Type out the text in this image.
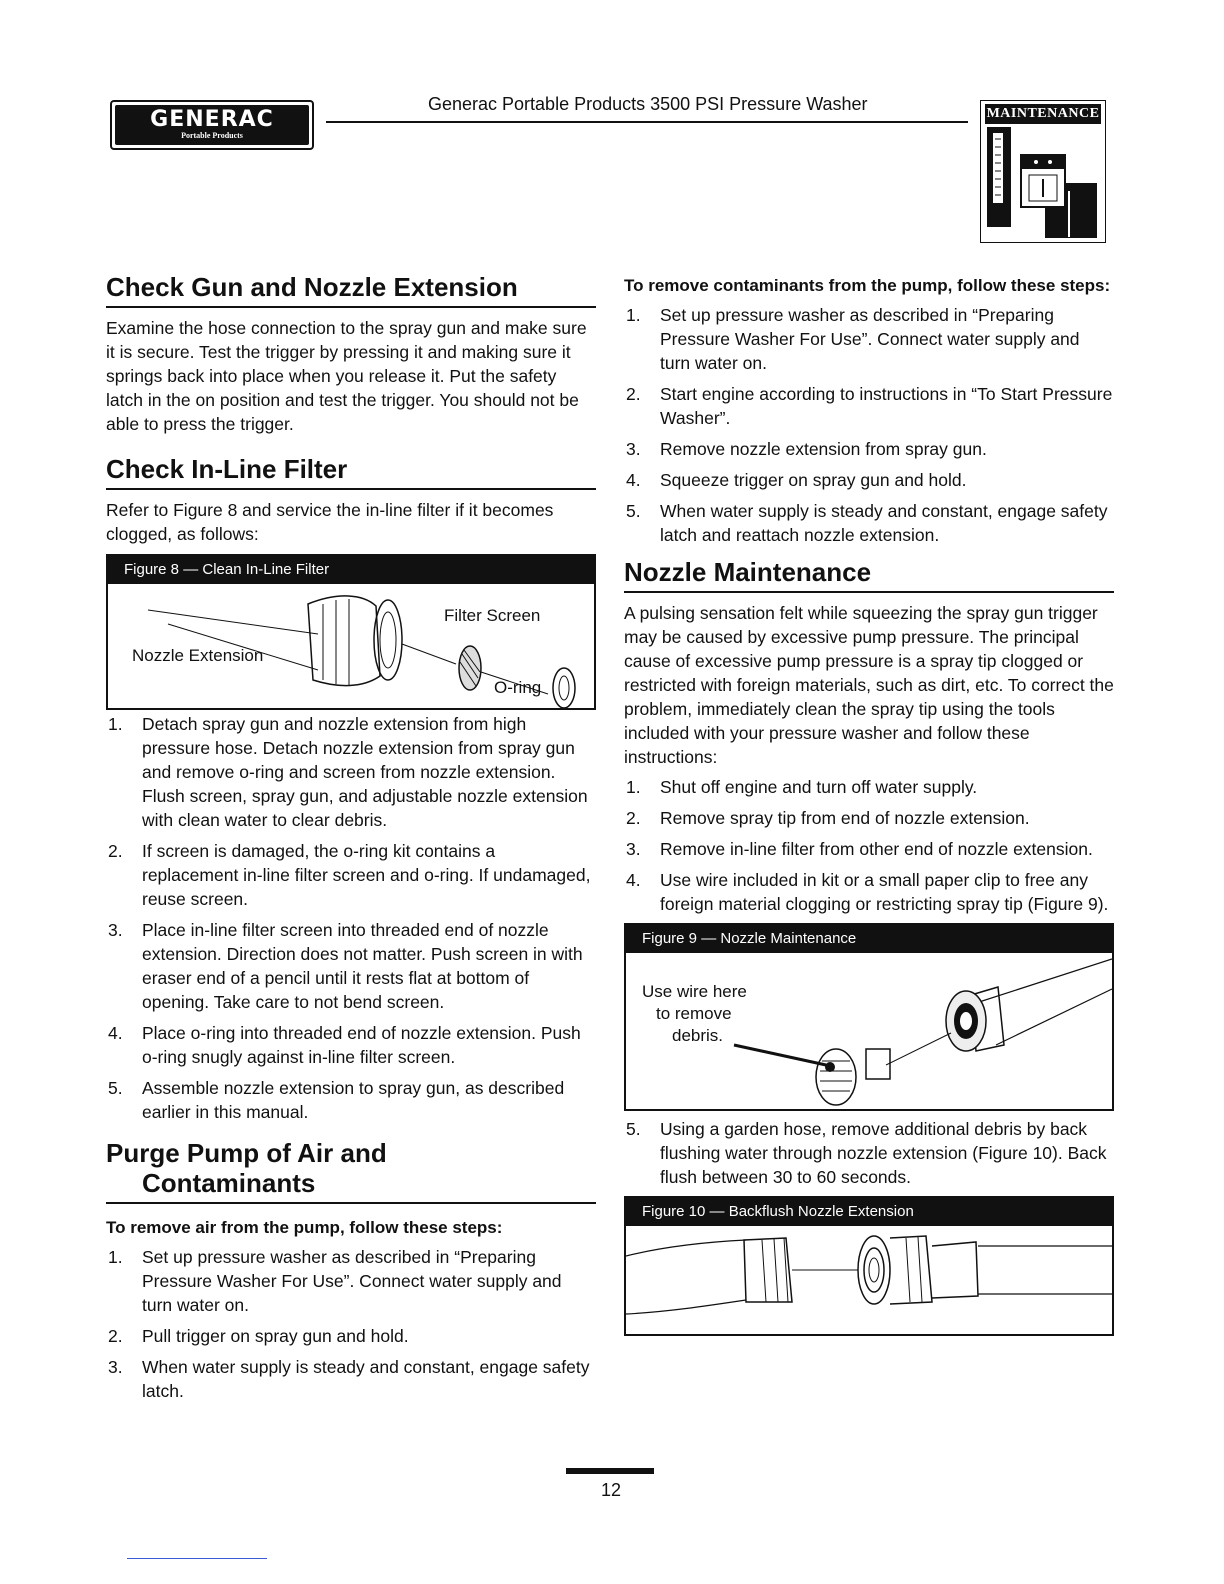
GENERAC
Portable Products
Generac Portable Products 3500 PSI Pressure Washer	MAINTENANCE
Check Gun and Nozzle Extension

Examine the hose connection to the spray gun and make sure it is secure. Test the trigger by pressing it and making sure it springs back into place when you release it. Put the safety latch in the on position and test the trigger. You should not be able to press the trigger.

Check In-Line Filter

Refer to Figure 8 and service the in-line filter if it becomes clogged, as follows:

Figure 8 — Clean In-Line Filter
Filter Screen
Nozzle Extension
O-ring
1. Detach spray gun and nozzle extension from high pressure hose. Detach nozzle extension from spray gun and remove o-ring and screen from nozzle extension. Flush screen, spray gun, and adjustable nozzle extension with clean water to clear debris.
2. If screen is damaged, the o-ring kit contains a replacement in-line filter screen and o-ring. If undamaged, reuse screen.
3. Place in-line filter screen into threaded end of nozzle extension. Direction does not matter. Push screen in with eraser end of a pencil until it rests flat at bottom of opening. Take care to not bend screen.
4. Place o-ring into threaded end of nozzle extension. Push o-ring snugly against in-line filter screen.
5. Assemble nozzle extension to spray gun, as described earlier in this manual.
Purge Pump of Air and
Contaminants

To remove air from the pump, follow these steps:

1. Set up pressure washer as described in “Preparing Pressure Washer For Use”. Connect water supply and turn water on.
2. Pull trigger on spray gun and hold.
3. When water supply is steady and constant, engage safety latch.

To remove contaminants from the pump, follow these steps:

1. Set up pressure washer as described in “Preparing Pressure Washer For Use”. Connect water supply and turn water on.
2. Start engine according to instructions in “To Start Pressure Washer”.
3. Remove nozzle extension from spray gun.
4. Squeeze trigger on spray gun and hold.
5. When water supply is steady and constant, engage safety latch and reattach nozzle extension.
Nozzle Maintenance

A pulsing sensation felt while squeezing the spray gun trigger may be caused by excessive pump pressure. The principal cause of excessive pump pressure is a spray tip clogged or restricted with foreign materials, such as dirt, etc. To correct the problem, immediately clean the spray tip using the tools included with your pressure washer and follow these instructions:

1. Shut off engine and turn off water supply.
2. Remove spray tip from end of nozzle extension.
3. Remove in-line filter from other end of nozzle extension.
4. Use wire included in kit or a small paper clip to free any foreign material clogging or restricting spray tip (Figure 9).
Figure 9 — Nozzle Maintenance
Use wire here
to remove
debris.
5. Using a garden hose, remove additional debris by back flushing water through nozzle extension (Figure 10). Back flush between 30 to 60 seconds.
Figure 10 — Backflush Nozzle Extension
12
